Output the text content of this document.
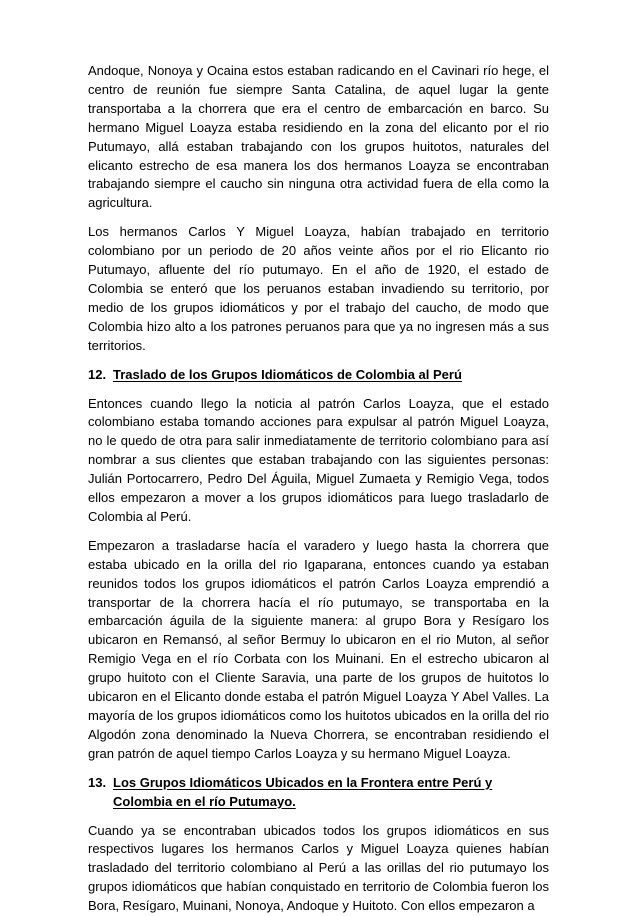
Andoque, Nonoya y Ocaina estos estaban radicando en el Cavinari río hege, el centro de reunión fue siempre Santa Catalina, de aquel lugar la gente transportaba a la chorrera que era el centro de embarcación en barco. Su hermano Miguel Loayza estaba residiendo en la zona del elicanto por el rio Putumayo, allá estaban trabajando con los grupos huitotos, naturales del elicanto estrecho de esa manera los dos hermanos Loayza se encontraban trabajando siempre el caucho sin ninguna otra actividad fuera de ella como la agricultura.

Los hermanos Carlos Y Miguel Loayza, habían trabajado en territorio colombiano por un periodo de 20 años veinte años por el rio Elicanto rio Putumayo, afluente del río putumayo. En el año de 1920, el estado de Colombia se enteró que los peruanos estaban invadiendo su territorio, por medio de los grupos idiomáticos y por el trabajo del caucho, de modo que Colombia hizo alto a los patrones peruanos para que ya no ingresen más a sus territorios.

12. Traslado de los Grupos Idiomáticos de Colombia al Perú

Entonces cuando llego la noticia al patrón Carlos Loayza, que el estado colombiano estaba tomando acciones para expulsar al patrón Miguel Loayza, no le quedo de otra para salir inmediatamente de territorio colombiano para así nombrar a sus clientes que estaban trabajando con las siguientes personas: Julián Portocarrero, Pedro Del Águila, Miguel Zumaeta y Remigio Vega, todos ellos empezaron a mover a los grupos idiomáticos para luego trasladarlo de Colombia al Perú.

Empezaron a trasladarse hacía el varadero y luego hasta la chorrera que estaba ubicado en la orilla del rio Igaparana, entonces cuando ya estaban reunidos todos los grupos idiomáticos el patrón Carlos Loayza emprendió a transportar de la chorrera hacía el río putumayo, se transportaba en la embarcación águila de la siguiente manera: al grupo Bora y Resígaro los ubicaron en Remansó, al señor Bermuy lo ubicaron en el rio Muton, al señor Remigio Vega en el río Corbata con los Muinani. En el estrecho ubicaron al grupo huitoto con el Cliente Saravia, una parte de los grupos de huitotos lo ubicaron en el Elicanto donde estaba el patrón Miguel Loayza Y Abel Valles. La mayoría de los grupos idiomáticos como los huitotos ubicados en la orilla del rio Algodón zona denominado la Nueva Chorrera, se encontraban residiendo el gran patrón de aquel tiempo Carlos Loayza y su hermano Miguel Loayza.

13. Los Grupos Idiomáticos Ubicados en la Frontera entre Perú y Colombia en el río Putumayo.

Cuando ya se encontraban ubicados todos los grupos idiomáticos en sus respectivos lugares los hermanos Carlos y Miguel Loayza quienes habían trasladado del territorio colombiano al Perú a las orillas del rio putumayo los grupos idiomáticos que habían conquistado en territorio de Colombia fueron los Bora, Resígaro, Muinani, Nonoya, Andoque y Huitoto. Con ellos empezaron a
